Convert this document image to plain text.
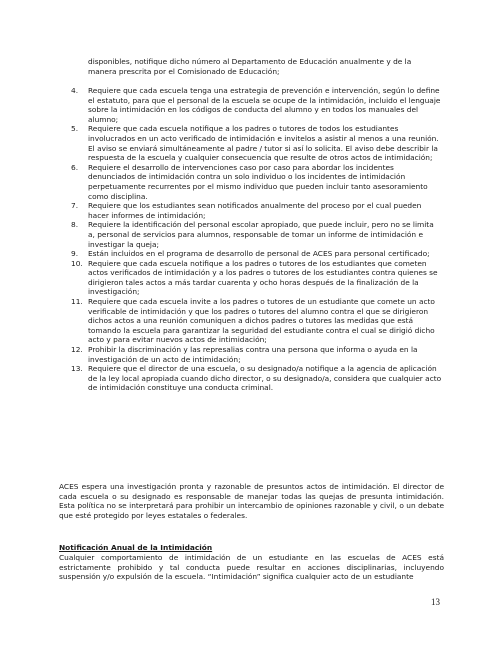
disponibles, notifique dicho número al Departamento de Educación anualmente y de la manera prescrita por el Comisionado de Educación;

4.	Requiere que cada escuela tenga una estrategia de prevención e intervención, según lo define el estatuto, para que el personal de la escuela se ocupe de la intimidación, incluido el lenguaje sobre la intimidación en los códigos de conducta del alumno y en todos los manuales del alumno;
5.	Requiere que cada escuela notifique a los padres o tutores de todos los estudiantes involucrados en un acto verificado de intimidación e invitelos a asistir al menos a una reunión. El aviso se enviará simultáneamente al padre / tutor si así lo solicita. El aviso debe describir la respuesta de la escuela y cualquier consecuencia que resulte de otros actos de intimidación;
6.	Requiere el desarrollo de intervenciones caso por caso para abordar los incidentes denunciados de intimidación contra un solo individuo o los incidentes de intimidación perpetuamente recurrentes por el mismo individuo que pueden incluir tanto asesoramiento como disciplina.
7.	Requiere que los estudiantes sean notificados anualmente del proceso por el cual pueden hacer informes de intimidación;
8.	Requiere la identificación del personal escolar apropiado, que puede incluir, pero no se limita a, personal de servicios para alumnos, responsable de tomar un informe de intimidación e investigar la queja;
9.	Están incluidos en el programa de desarrollo de personal de ACES para personal certificado;
10. Requiere que cada escuela notifique a los padres o tutores de los estudiantes que cometen actos verificados de intimidación y a los padres o tutores de los estudiantes contra quienes se dirigieron tales actos a más tardar cuarenta y ocho horas después de la finalización de la investigación;
11. Requiere que cada escuela invite a los padres o tutores de un estudiante que comete un acto verificable de intimidación y que los padres o tutores del alumno contra el que se dirigieron dichos actos a una reunión comuniquen a dichos padres o tutores las medidas que está tomando la escuela para garantizar la seguridad del estudiante contra el cual se dirigió dicho acto y para evitar nuevos actos de intimidación;
12. Prohibir la discriminación y las represalias contra una persona que informa o ayuda en la investigación de un acto de intimidación;
13. Requiere que el director de una escuela, o su designado/a notifique a la agencia de aplicación de la ley local apropiada cuando dicho director, o su designado/a, considera que cualquier acto de intimidación constituye una conducta criminal.

ACES espera una investigación pronta y razonable de presuntos actos de intimidación. El director de cada escuela o su designado es responsable de manejar todas las quejas de presunta intimidación. Esta política no se interpretará para prohibir un intercambio de opiniones razonable y civil, o un debate que esté protegido por leyes estatales o federales.

Notificación Anual de la Intimidación

Cualquier comportamiento de intimidación de un estudiante en las escuelas de ACES está estrictamente prohibido y tal conducta puede resultar en acciones disciplinarias, incluyendo suspensión y/o expulsión de la escuela. “Intimidación” significa cualquier acto de un estudiante

13
